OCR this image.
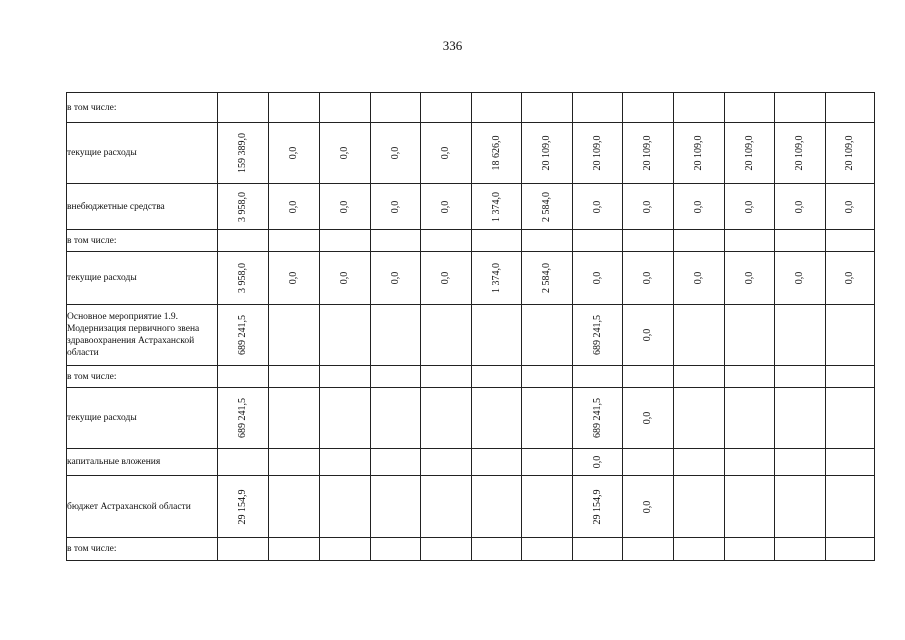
336
в том числе:													
текущие расходы	159 389,0	0,0	0,0	0,0	0,0	18 626,0	20 109,0	20 109,0	20 109,0	20 109,0	20 109,0	20 109,0	20 109,0

внебюджетные средства	3 958,0	0,0	0,0	0,0	0,0	1 374,0	2 584,0	0,0	0,0	0,0	0,0	0,0	0,0

в том числе:													
текущие расходы	3 958,0	0,0	0,0	0,0	0,0	1 374,0	2 584,0	0,0	0,0	0,0	0,0	0,0	0,0

Основное мероприятие 1.9. Модернизация первичного звена здравоохранения Астраханской области	689 241,5							689 241,5	0,0				

в том числе:													
текущие расходы	689 241,5							689 241,5	0,0				

капитальные вложения								0,0					

бюджет Астраханской области	29 154,9							29 154,9	0,0				

в том числе:													
